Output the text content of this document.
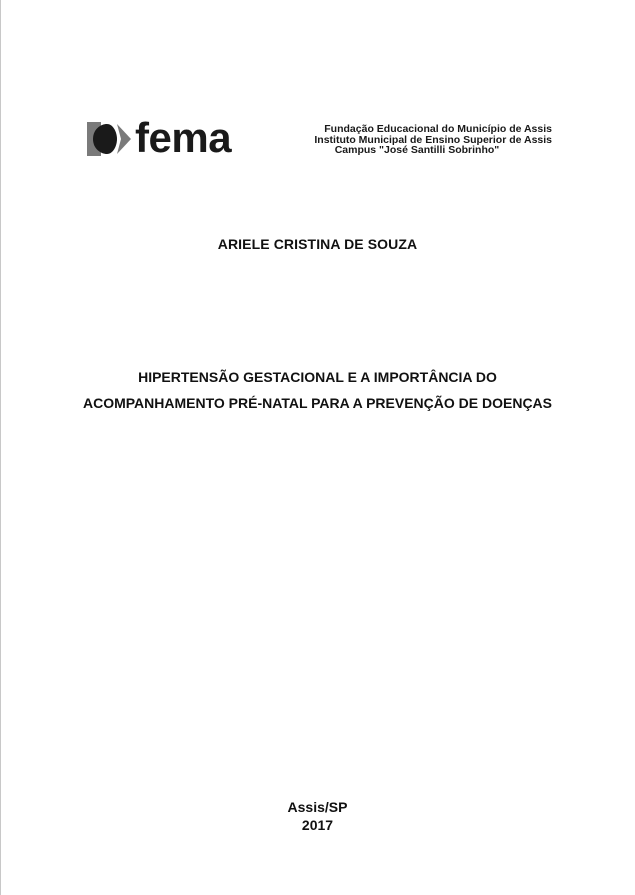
fema	Fundação Educacional do Município de Assis
Instituto Municipal de Ensino Superior de Assis
Campus "José Santilli Sobrinho"
ARIELE CRISTINA DE SOUZA
HIPERTENSÃO GESTACIONAL E A IMPORTÂNCIA DO
ACOMPANHAMENTO PRÉ-NATAL PARA A PREVENÇÃO DE DOENÇAS
Assis/SP
2017
